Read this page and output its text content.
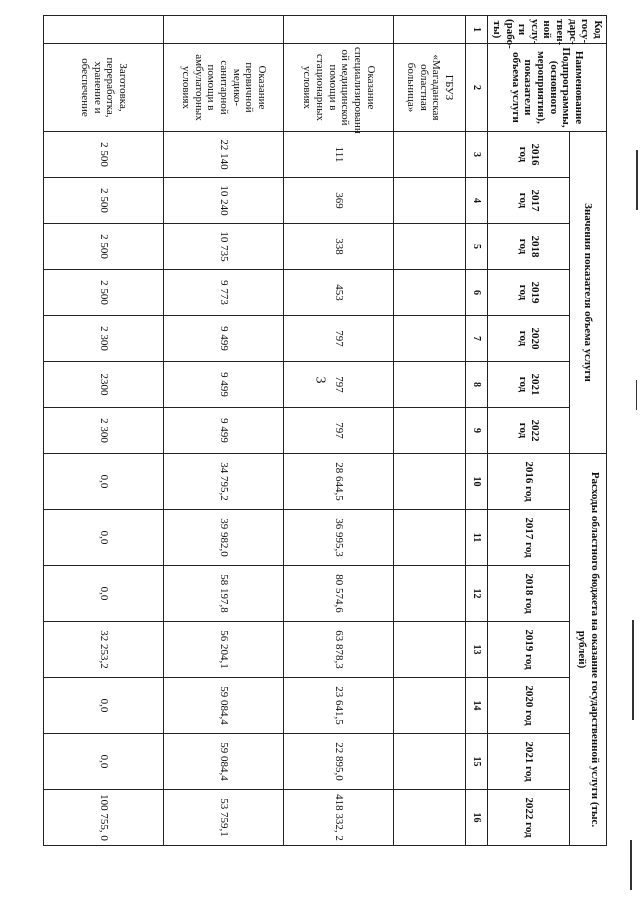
3
Код госу- дарс- твен- ной услу- ги (рабо- ты)	Наименование Подпрограммы, (основного мероприятия), показатели объема услуги	Значения показателя объема услуги							Расходы областного бюджета на оказание государственной услуги (тыс. рублей)						
		2016 год	2017 год	2018 год	2019 год	2020 год	2021 год	2022 год	2016 год	2017 год	2018 год	2019 год	2020 год	2021 год	2022 год
1	2	3	4	5	6	7	8	9	10	11	12	13	14	15	16
	ГБУЗ «Магаданская областная больница»														
	Оказание специализированн ой медицинской помощи в стационарных условиях	111	369	338	453	797	797	797	28 644,5	36 995,3	80 574,6	63 878,3	23 641,5	22 895,0	418 332, 2
	Оказание первичной медико- санитарной помощи в амбулаторных условиях	22 140	10 240	10 735	9 773	9 499	9 499	9 499	34 795,2	39 982,0	58 197,8	56 204,1	59 084,4	59 084,4	53 759,1
	Заготовка, переработка, хранение и обеспечение	2 500	2 500	2 500	2 500	2 300	2300	2 300	0,0	0,0	0,0	32 253,2	0,0	0,0	100 755, 0
